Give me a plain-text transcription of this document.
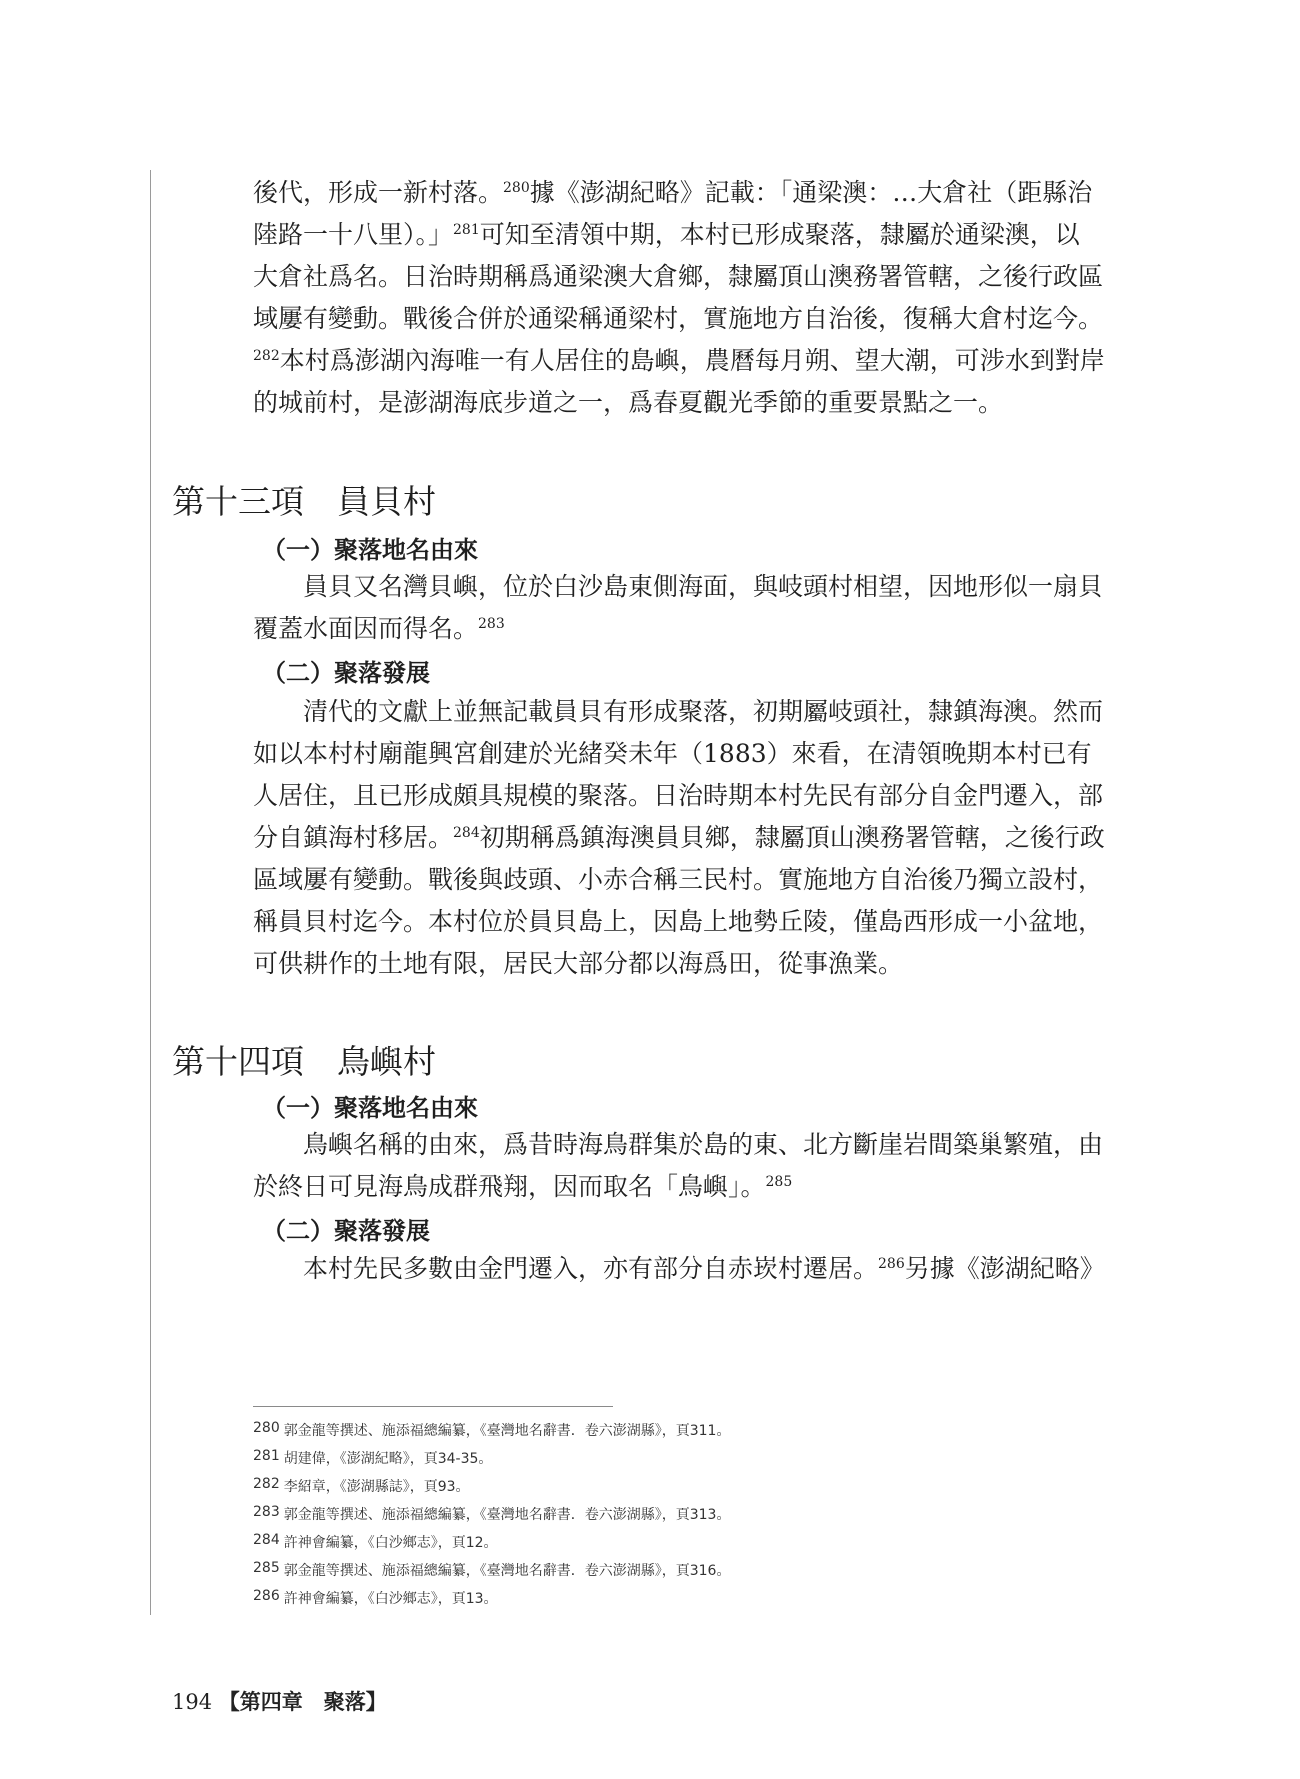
後代，形成一新村落。$^{280}$據《澎湖紀略》記載：「通梁澳：…大倉社（距縣治
陸路一十八里）。」$^{281}$可知至清領中期，本村已形成聚落，隸屬於通梁澳，以
大倉社爲名。日治時期稱爲通梁澳大倉鄉，隸屬頂山澳務署管轄，之後行政區
域屢有變動。戰後合併於通梁稱通梁村，實施地方自治後，復稱大倉村迄今。
$^{282}$本村爲澎湖內海唯一有人居住的島嶼，農曆每月朔、望大潮，可涉水到對岸
的城前村，是澎湖海底步道之一，爲春夏觀光季節的重要景點之一。

第十三項　員貝村
（一）聚落地名由來

員貝又名灣貝嶼，位於白沙島東側海面，與岐頭村相望，因地形似一扇貝
覆蓋水面因而得名。$^{283}$

（二）聚落發展

清代的文獻上並無記載員貝有形成聚落，初期屬岐頭社，隸鎮海澳。然而
如以本村村廟龍興宮創建於光緒癸未年（1883）來看，在清領晚期本村已有
人居住，且已形成頗具規模的聚落。日治時期本村先民有部分自金門遷入，部
分自鎮海村移居。$^{284}$初期稱爲鎮海澳員貝鄉，隸屬頂山澳務署管轄，之後行政
區域屢有變動。戰後與歧頭、小赤合稱三民村。實施地方自治後乃獨立設村，
稱員貝村迄今。本村位於員貝島上，因島上地勢丘陵，僅島西形成一小盆地，
可供耕作的土地有限，居民大部分都以海爲田，從事漁業。

第十四項　鳥嶼村
（一）聚落地名由來

鳥嶼名稱的由來，爲昔時海鳥群集於島的東、北方斷崖岩間築巢繁殖，由
於終日可見海鳥成群飛翔，因而取名「鳥嶼」。$^{285}$

（二）聚落發展

本村先民多數由金門遷入，亦有部分自赤崁村遷居。$^{286}$另據《澎湖紀略》

280 郭金龍等撰述、施添福總編纂，《臺灣地名辭書．卷六澎湖縣》，頁311。
281 胡建偉，《澎湖紀略》，頁34-35。
282 李紹章，《澎湖縣誌》，頁93。
283 郭金龍等撰述、施添福總編纂，《臺灣地名辭書．卷六澎湖縣》，頁313。
284 許神會編纂，《白沙鄉志》，頁12。
285 郭金龍等撰述、施添福總編纂，《臺灣地名辭書．卷六澎湖縣》，頁316。
286 許神會編纂，《白沙鄉志》，頁13。

194 【第四章　聚落】
